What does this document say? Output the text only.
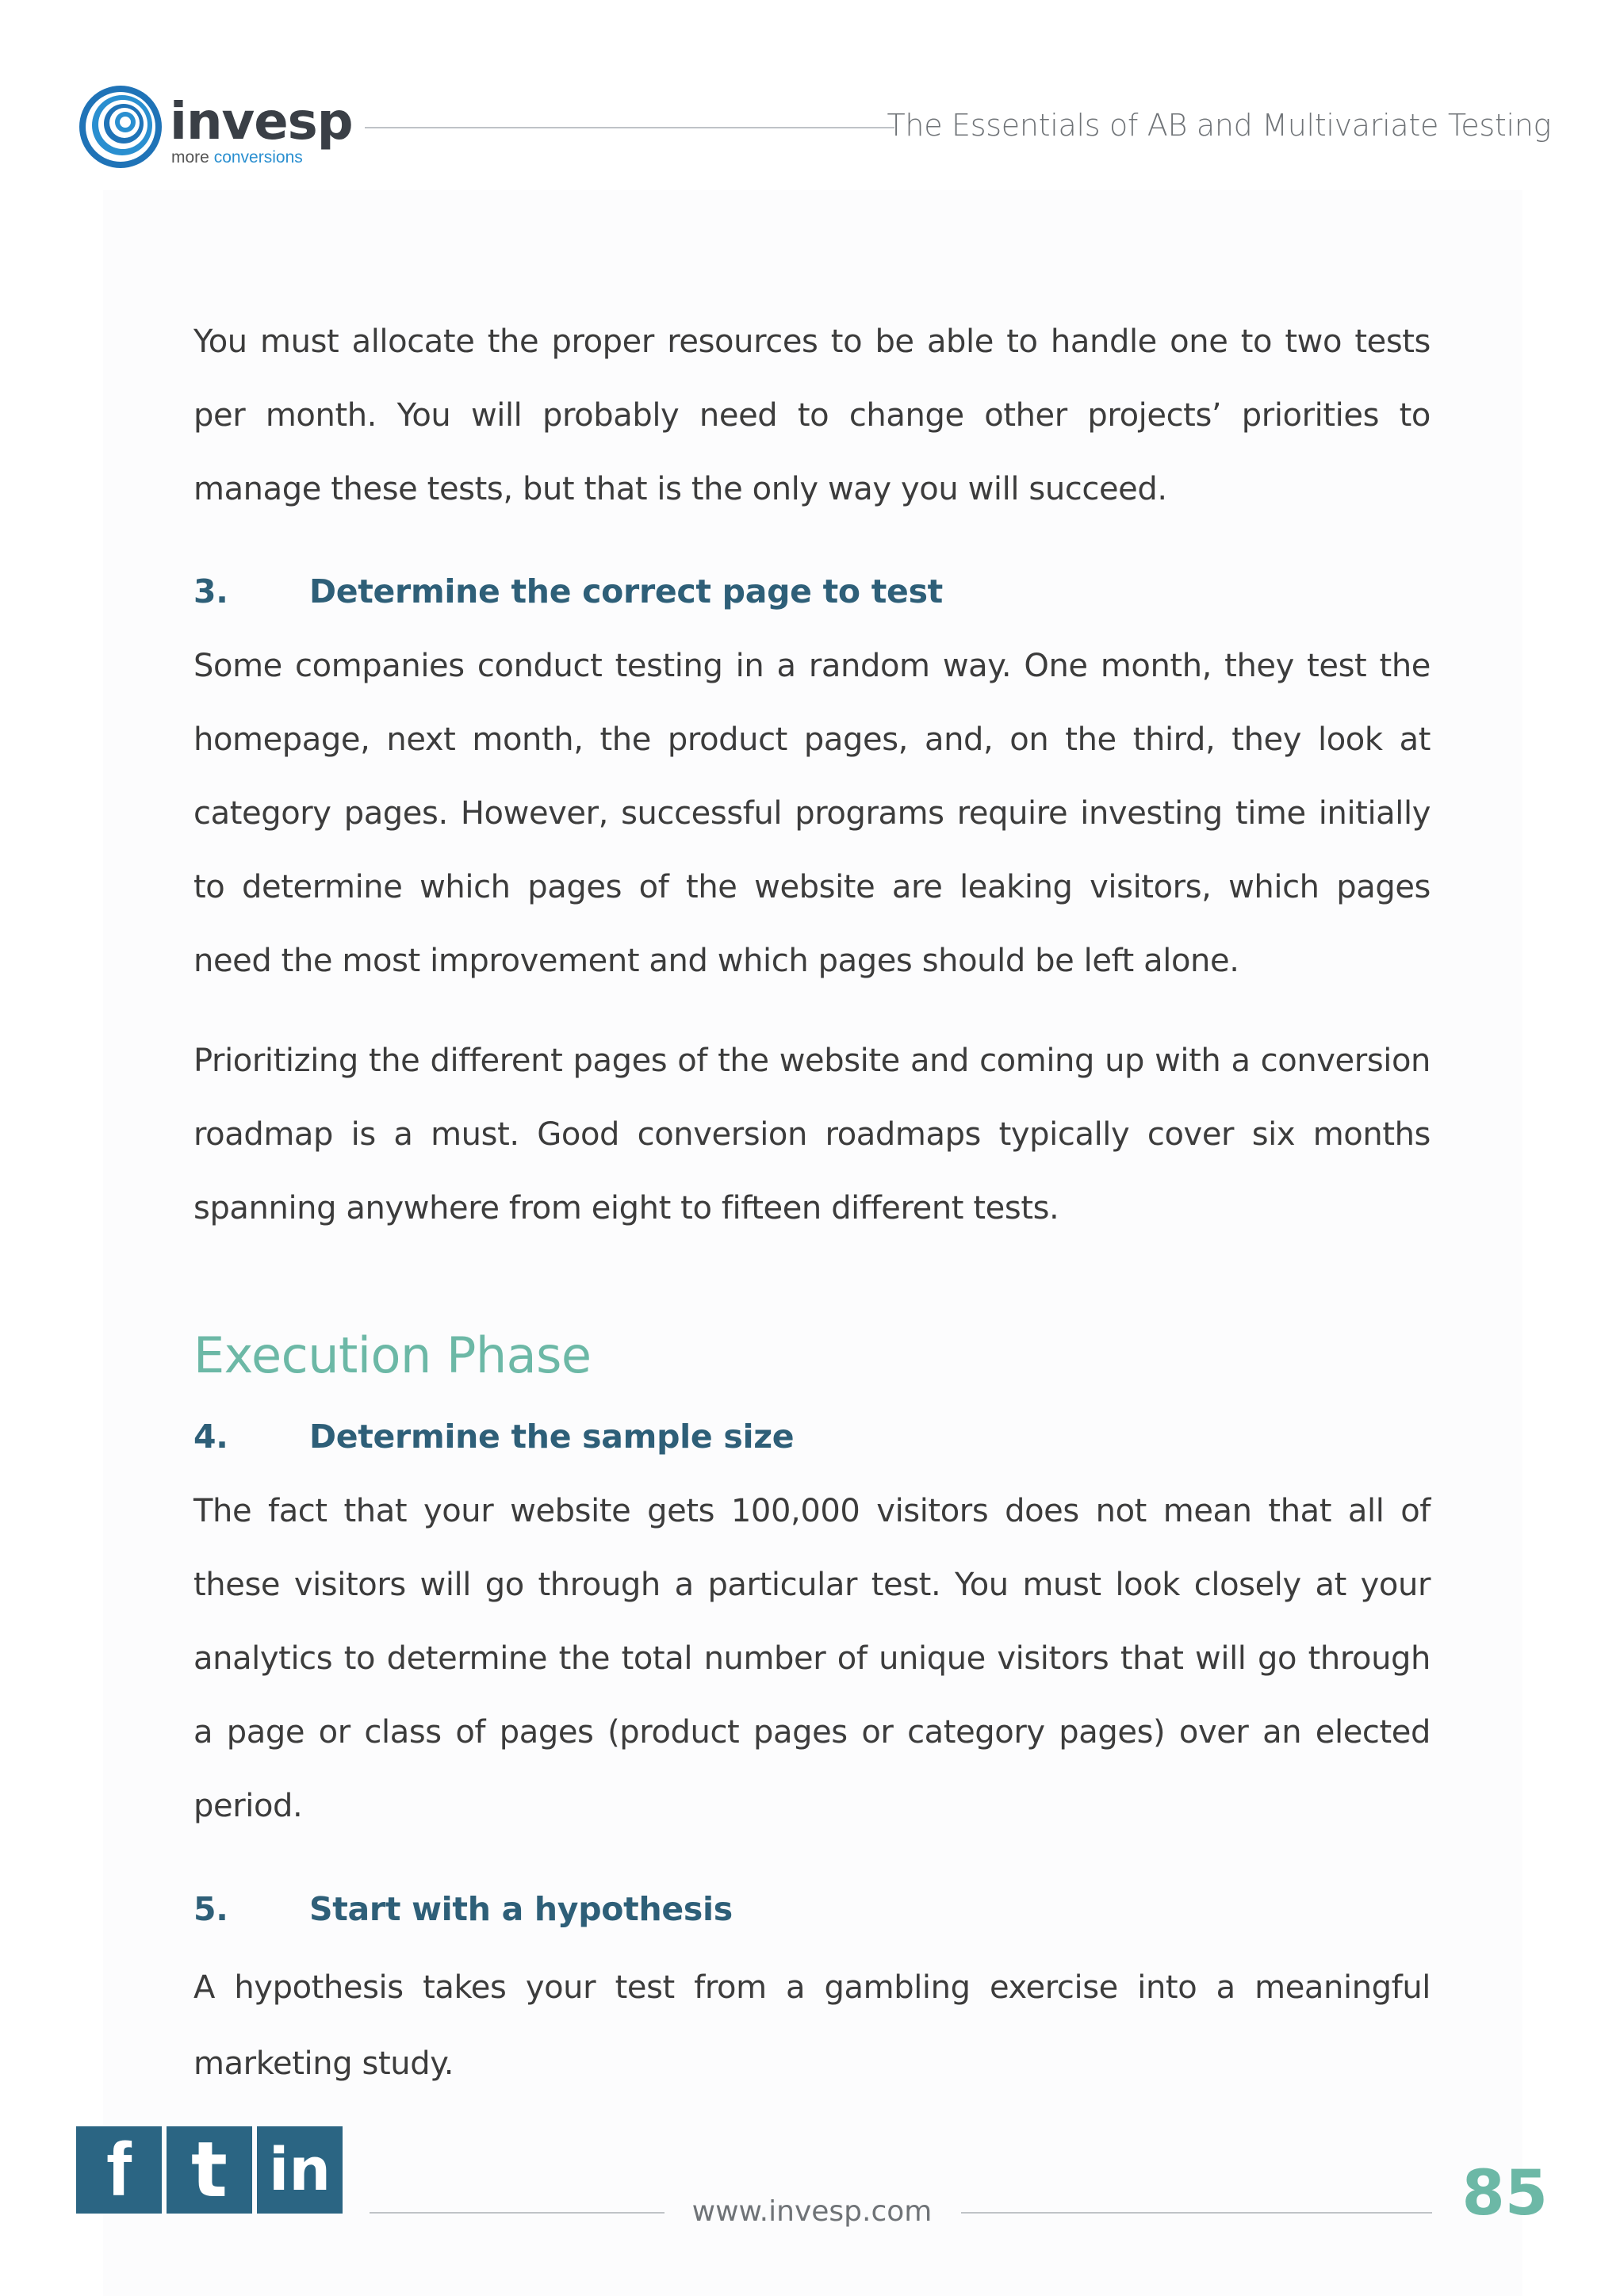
invesp
more conversions
The Essentials of AB and Multivariate Testing

You must allocate the proper resources to be able to handle one to two tests per month. You will probably need to change other projects’ priorities to manage these tests, but that is the only way you will succeed.

3. Determine the correct page to test

Some companies conduct testing in a random way. One month, they test the homepage, next month, the product pages, and, on the third, they look at category pages. However, successful programs require investing time initially to determine which pages of the website are leaking visitors, which pages need the most improvement and which pages should be left alone.

Prioritizing the different pages of the website and coming up with a conversion roadmap is a must. Good conversion roadmaps typically cover six months spanning anywhere from eight to fifteen different tests.

Execution Phase
4. Determine the sample size

The fact that your website gets 100,000 visitors does not mean that all of these visitors will go through a particular test. You must look closely at your analytics to determine the total number of unique visitors that will go through a page or class of pages (product pages or category pages) over an elected period.

5. Start with a hypothesis

A hypothesis takes your test from a gambling exercise into a meaningful marketing study.

f t in
www.invesp.com	85
